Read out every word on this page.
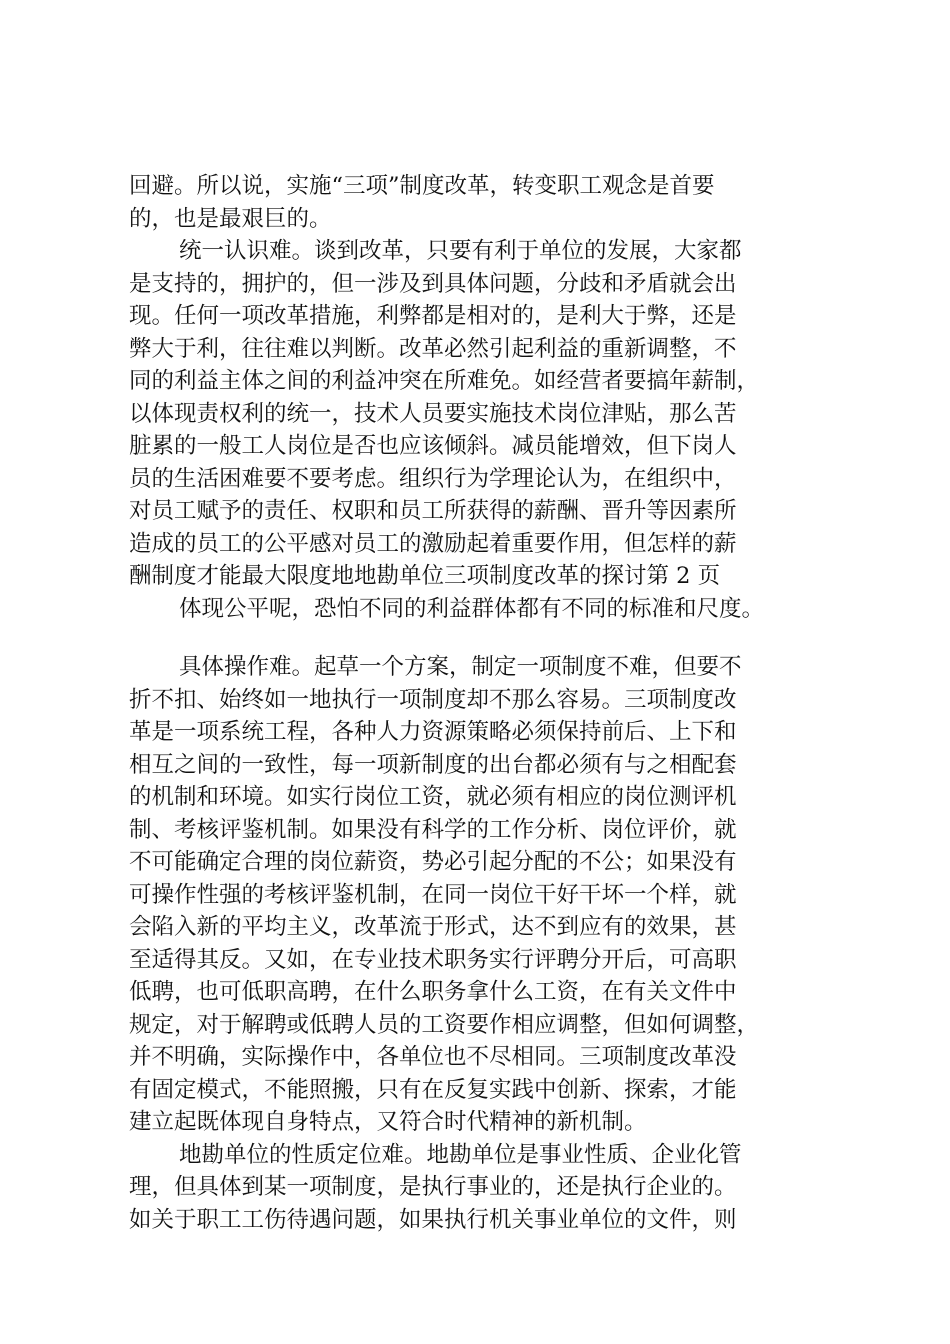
回避。所以说，实施“三项”制度改革，转变职工观念是首要
的，也是最艰巨的。
统一认识难。谈到改革，只要有利于单位的发展，大家都
是支持的，拥护的，但一涉及到具体问题，分歧和矛盾就会出
现。任何一项改革措施，利弊都是相对的，是利大于弊，还是
弊大于利，往往难以判断。改革必然引起利益的重新调整，不
同的利益主体之间的利益冲突在所难免。如经营者要搞年薪制，
以体现责权利的统一，技术人员要实施技术岗位津贴，那么苦
脏累的一般工人岗位是否也应该倾斜。减员能增效，但下岗人
员的生活困难要不要考虑。组织行为学理论认为，在组织中，
对员工赋予的责任、权职和员工所获得的薪酬、晋升等因素所
造成的员工的公平感对员工的激励起着重要作用，但怎样的薪
酬制度才能最大限度地地勘单位三项制度改革的探讨第 2 页
体现公平呢，恐怕不同的利益群体都有不同的标准和尺度。
具体操作难。起草一个方案，制定一项制度不难，但要不
折不扣、始终如一地执行一项制度却不那么容易。三项制度改
革是一项系统工程，各种人力资源策略必须保持前后、上下和
相互之间的一致性，每一项新制度的出台都必须有与之相配套
的机制和环境。如实行岗位工资，就必须有相应的岗位测评机
制、考核评鉴机制。如果没有科学的工作分析、岗位评价，就
不可能确定合理的岗位薪资，势必引起分配的不公；如果没有
可操作性强的考核评鉴机制，在同一岗位干好干坏一个样，就
会陷入新的平均主义，改革流于形式，达不到应有的效果，甚
至适得其反。又如，在专业技术职务实行评聘分开后，可高职
低聘，也可低职高聘，在什么职务拿什么工资，在有关文件中
规定，对于解聘或低聘人员的工资要作相应调整，但如何调整，
并不明确，实际操作中，各单位也不尽相同。三项制度改革没
有固定模式，不能照搬，只有在反复实践中创新、探索，才能
建立起既体现自身特点，又符合时代精神的新机制。
地勘单位的性质定位难。地勘单位是事业性质、企业化管
理，但具体到某一项制度，是执行事业的，还是执行企业的。
如关于职工工伤待遇问题，如果执行机关事业单位的文件，则
